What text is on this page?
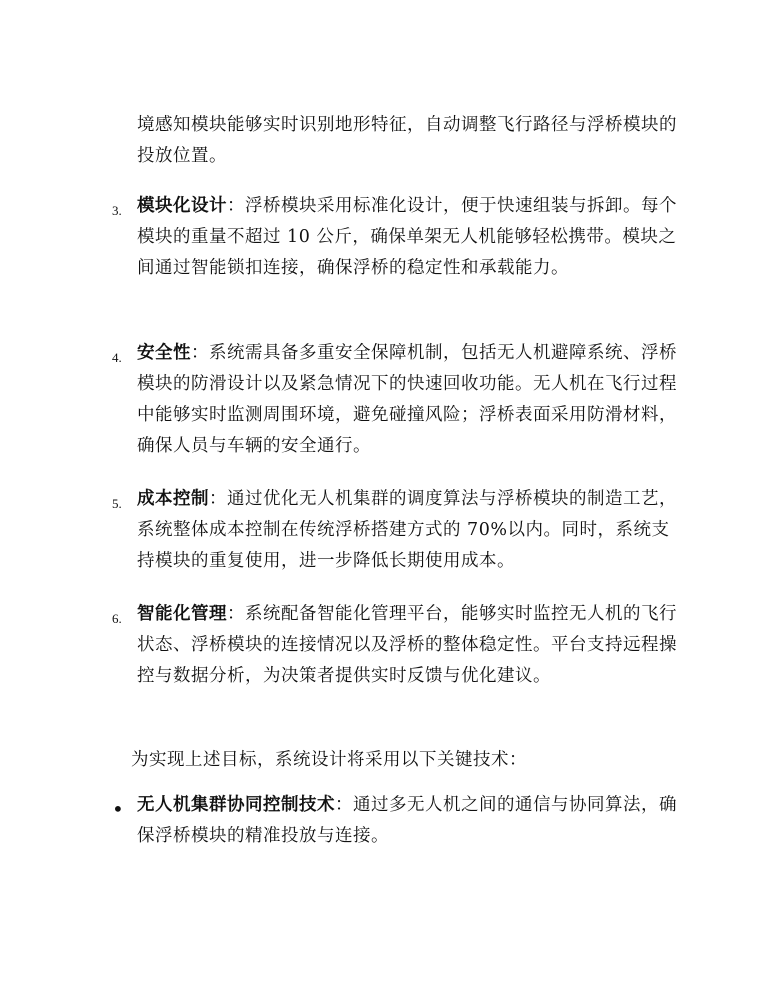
境感知模块能够实时识别地形特征，自动调整飞行路径与浮桥模块的投放位置。

3. 模块化设计：浮桥模块采用标准化设计，便于快速组装与拆卸。每个模块的重量不超过 10 公斤，确保单架无人机能够轻松携带。模块之间通过智能锁扣连接，确保浮桥的稳定性和承载能力。

4. 安全性：系统需具备多重安全保障机制，包括无人机避障系统、浮桥模块的防滑设计以及紧急情况下的快速回收功能。无人机在飞行过程中能够实时监测周围环境，避免碰撞风险；浮桥表面采用防滑材料，确保人员与车辆的安全通行。

5. 成本控制：通过优化无人机集群的调度算法与浮桥模块的制造工艺，系统整体成本控制在传统浮桥搭建方式的 70%以内。同时，系统支持模块的重复使用，进一步降低长期使用成本。

6. 智能化管理：系统配备智能化管理平台，能够实时监控无人机的飞行状态、浮桥模块的连接情况以及浮桥的整体稳定性。平台支持远程操控与数据分析，为决策者提供实时反馈与优化建议。

为实现上述目标，系统设计将采用以下关键技术：

• 无人机集群协同控制技术：通过多无人机之间的通信与协同算法，确保浮桥模块的精准投放与连接。
